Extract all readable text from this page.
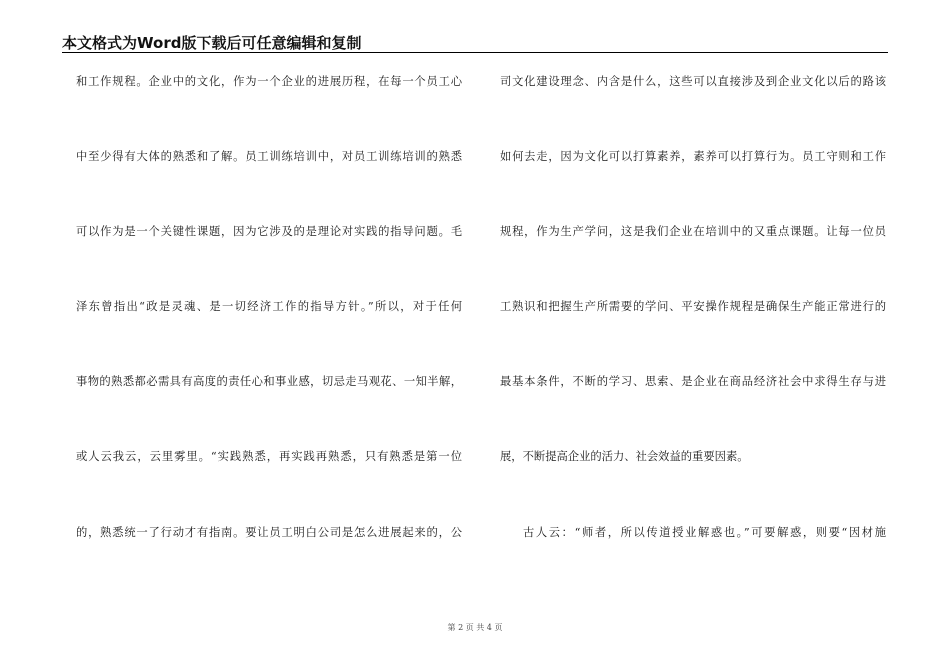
本文格式为Word版下载后可任意编辑和复制
和工作规程。企业中的文化，作为一个企业的进展历程，在每一个员工心
中至少得有大体的熟悉和了解。员工训练培训中，对员工训练培训的熟悉
可以作为是一个关键性课题，因为它涉及的是理论对实践的指导问题。毛
泽东曾指出“政是灵魂、是一切经济工作的指导方针。”所以，对于任何
事物的熟悉都必需具有高度的责任心和事业感，切忌走马观花、一知半解，
或人云我云，云里雾里。“实践熟悉，再实践再熟悉，只有熟悉是第一位
的，熟悉统一了行动才有指南。要让员工明白公司是怎么进展起来的，公
司文化建设理念、内含是什么，这些可以直接涉及到企业文化以后的路该
如何去走，因为文化可以打算素养，素养可以打算行为。员工守则和工作
规程，作为生产学问，这是我们企业在培训中的又重点课题。让每一位员
工熟识和把握生产所需要的学问、平安操作规程是确保生产能正常进行的
最基本条件，不断的学习、思索、是企业在商品经济社会中求得生存与进
展，不断提高企业的活力、社会效益的重要因素。
古人云：“师者，所以传道授业解惑也。”可要解惑，则要“因材施
第 2 页 共 4 页
